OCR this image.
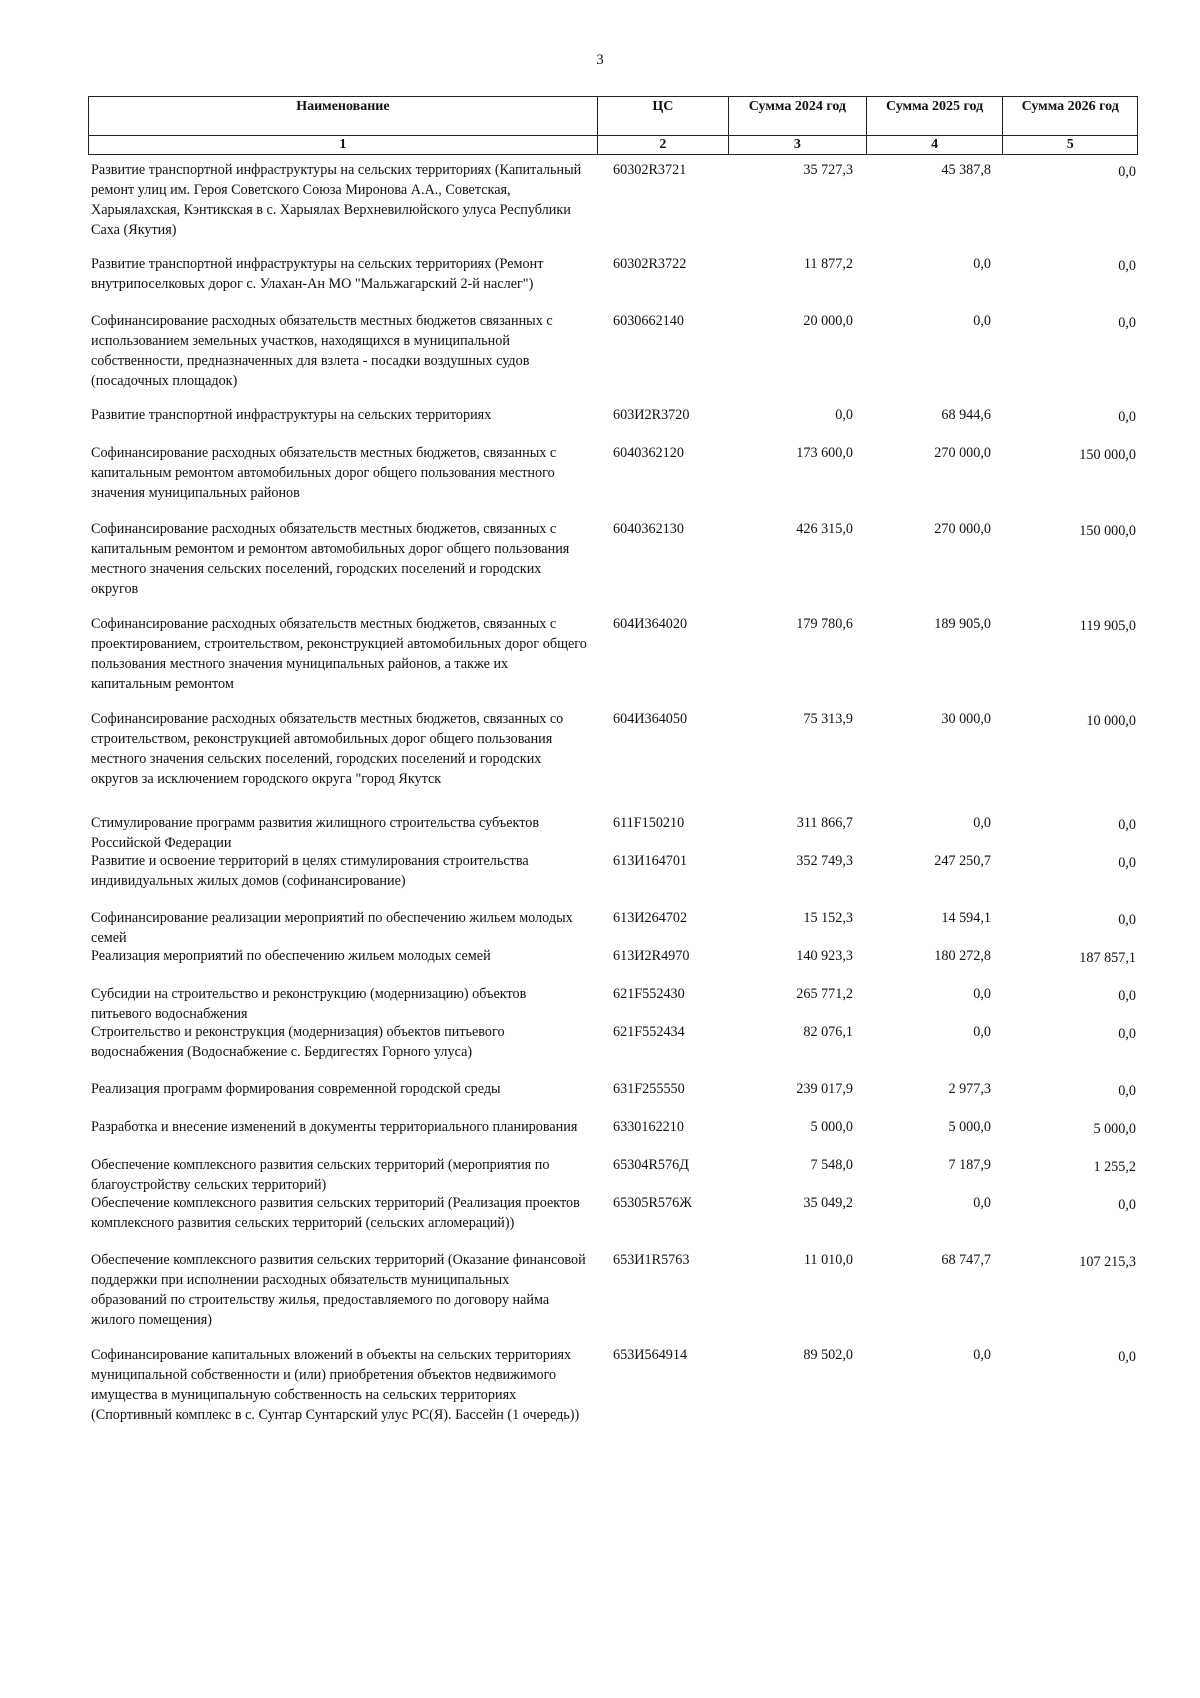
3
Наименование	ЦС	Сумма 2024 год	Сумма 2025 год	Сумма 2026 год
1	2	3	4	5
Развитие транспортной инфраструктуры на сельских территориях (Капитальный ремонт улиц им. Героя Советского Союза Миронова А.А., Советская, Харыялахская, Кэнтикская в с. Харыялах Верхневилюйского улуса Республики Саха (Якутия)
60302R3721	35 727,3	45 387,8	0,0
Развитие транспортной инфраструктуры на сельских территориях (Ремонт внутрипоселковых дорог с. Улахан-Ан МО "Мальжагарский 2-й наслег")
60302R3722	11 877,2	0,0	0,0
Софинансирование расходных обязательств местных бюджетов связанных с использованием земельных участков, находящихся в муниципальной собственности, предназначенных для взлета - посадки воздушных судов (посадочных площадок)
6030662140	20 000,0	0,0	0,0
Развитие транспортной инфраструктуры на сельских территориях	603И2R3720	0,0	68 944,6	0,0
Софинансирование расходных обязательств местных бюджетов, связанных с капитальным ремонтом автомобильных дорог общего пользования местного значения муниципальных районов
6040362120	173 600,0	270 000,0	150 000,0
Софинансирование расходных обязательств местных бюджетов, связанных с капитальным ремонтом и ремонтом автомобильных дорог общего пользования местного значения сельских поселений, городских поселений и городских округов
6040362130	426 315,0	270 000,0	150 000,0
Софинансирование расходных обязательств местных бюджетов, связанных с проектированием, строительством, реконструкцией автомобильных дорог общего пользования местного значения муниципальных районов, а также их капитальным ремонтом
604И364020	179 780,6	189 905,0	119 905,0
Софинансирование расходных обязательств местных бюджетов, связанных со строительством, реконструкцией автомобильных дорог общего пользования местного значения сельских поселений, городских поселений и городских округов за исключением городского округа "город Якутск
604И364050	75 313,9	30 000,0	10 000,0
Стимулирование программ развития жилищного строительства субъектов Российской Федерации
611F150210	311 866,7	0,0	0,0
Развитие и освоение территорий в целях стимулирования строительства индивидуальных жилых домов (софинансирование)
613И164701	352 749,3	247 250,7	0,0
Софинансирование реализации мероприятий по обеспечению жильем молодых семей
613И264702	15 152,3	14 594,1	0,0
Реализация мероприятий по обеспечению жильем молодых семей	613И2R4970	140 923,3	180 272,8	187 857,1
Субсидии на строительство и реконструкцию (модернизацию) объектов питьевого водоснабжения
621F552430	265 771,2	0,0	0,0
Строительство и реконструкция (модернизация) объектов питьевого водоснабжения (Водоснабжение с. Бердигестях Горного улуса)
621F552434	82 076,1	0,0	0,0
Реализация программ формирования современной городской среды	631F255550	239 017,9	2 977,3	0,0
Разработка и внесение изменений в документы территориального планирования	6330162210	5 000,0	5 000,0	5 000,0
Обеспечение комплексного развития сельских территорий (мероприятия по благоустройству сельских территорий)
65304R576Д	7 548,0	7 187,9	1 255,2
Обеспечение комплексного развития сельских территорий (Реализация проектов комплексного развития сельских территорий (сельских агломераций))
65305R576Ж	35 049,2	0,0	0,0
Обеспечение комплексного развития сельских территорий (Оказание финансовой поддержки при исполнении расходных обязательств муниципальных образований по строительству жилья, предоставляемого по договору найма жилого помещения)
653И1R5763	11 010,0	68 747,7	107 215,3
Софинансирование капитальных вложений в объекты на сельских территориях муниципальной собственности и (или) приобретения объектов недвижимого имущества в муниципальную собственность на сельских территориях (Спортивный комплекс в с. Сунтар Сунтарский улус РС(Я). Бассейн (1 очередь))
653И564914	89 502,0	0,0	0,0
